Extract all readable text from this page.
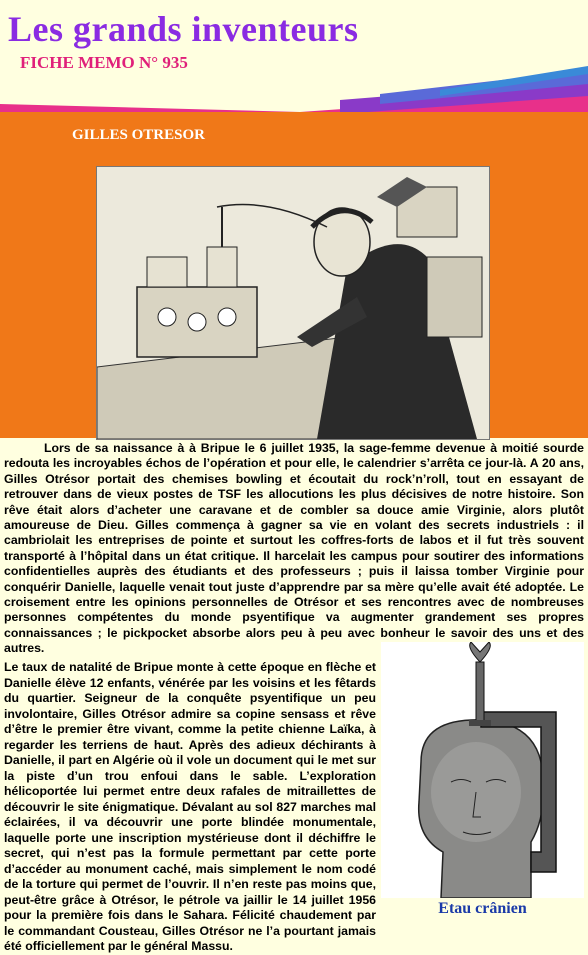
Les grands inventeurs
FICHE MEMO N° 935
GILLES OTRESOR

Lors de sa naissance à à Bripue le 6 juillet 1935, la sage-femme devenue à moitié sourde redouta les incroyables échos de l’opération et pour elle, le calendrier s’arrêta ce jour-là. A 20 ans, Gilles Otrésor portait des chemises bowling et écoutait du rock’n’roll, tout en essayant de retrouver dans de vieux postes de TSF les allocutions les plus décisives de notre histoire. Son rêve était alors d’acheter une caravane et de combler sa douce amie Virginie, alors plutôt amoureuse de Dieu. Gilles commença à gagner sa vie en volant des secrets industriels : il cambriolait les entreprises de pointe et surtout les coffres-forts de labos et il fut très souvent transporté à l’hôpital dans un état critique. Il harcelait les campus pour soutirer des informations confidentielles auprès des étudiants et des professeurs ; puis il laissa tomber Virginie pour conquérir Danielle, laquelle venait tout juste d’apprendre par sa mère qu’elle avait été adoptée. Le croisement entre les opinions personnelles de Otrésor et ses rencontres avec de nombreuses personnes compétentes du monde psyentifique va augmenter grandement ses propres connaissances ; le pickpocket absorbe alors peu à peu avec bonheur le savoir des uns et des autres.

Le taux de natalité de Bripue monte à cette époque en flèche et Danielle élève 12 enfants, vénérée par les voisins et les fêtards du quartier. Seigneur de la conquête psyentifique un peu involontaire, Gilles Otrésor admire sa copine sensass et rêve d’être le premier être vivant, comme la petite chienne Laïka, à regarder les terriens de haut. Après des adieux déchirants à Danielle, il part en Algérie où il vole un document qui le met sur la piste d’un trou enfoui dans le sable. L’exploration hélicoportée lui permet entre deux rafales de mitraillettes de découvrir le site énigmatique. Dévalant au sol 827 marches mal éclairées, il va découvrir une porte blindée monumentale, laquelle porte une inscription mystérieuse dont il déchiffre le secret, qui n’est pas la formule permettant par cette porte d’accéder au monument caché, mais simplement le nom codé de la torture qui permet de l’ouvrir. Il n’en reste pas moins que, peut-être grâce à Otrésor, le pétrole va jaillir le 14 juillet 1956 pour la première fois dans le Sahara. Félicité chaudement par le commandant Cousteau, Gilles Otrésor ne l’a pourtant jamais été officiellement par le général Massu.

Etau crânien
